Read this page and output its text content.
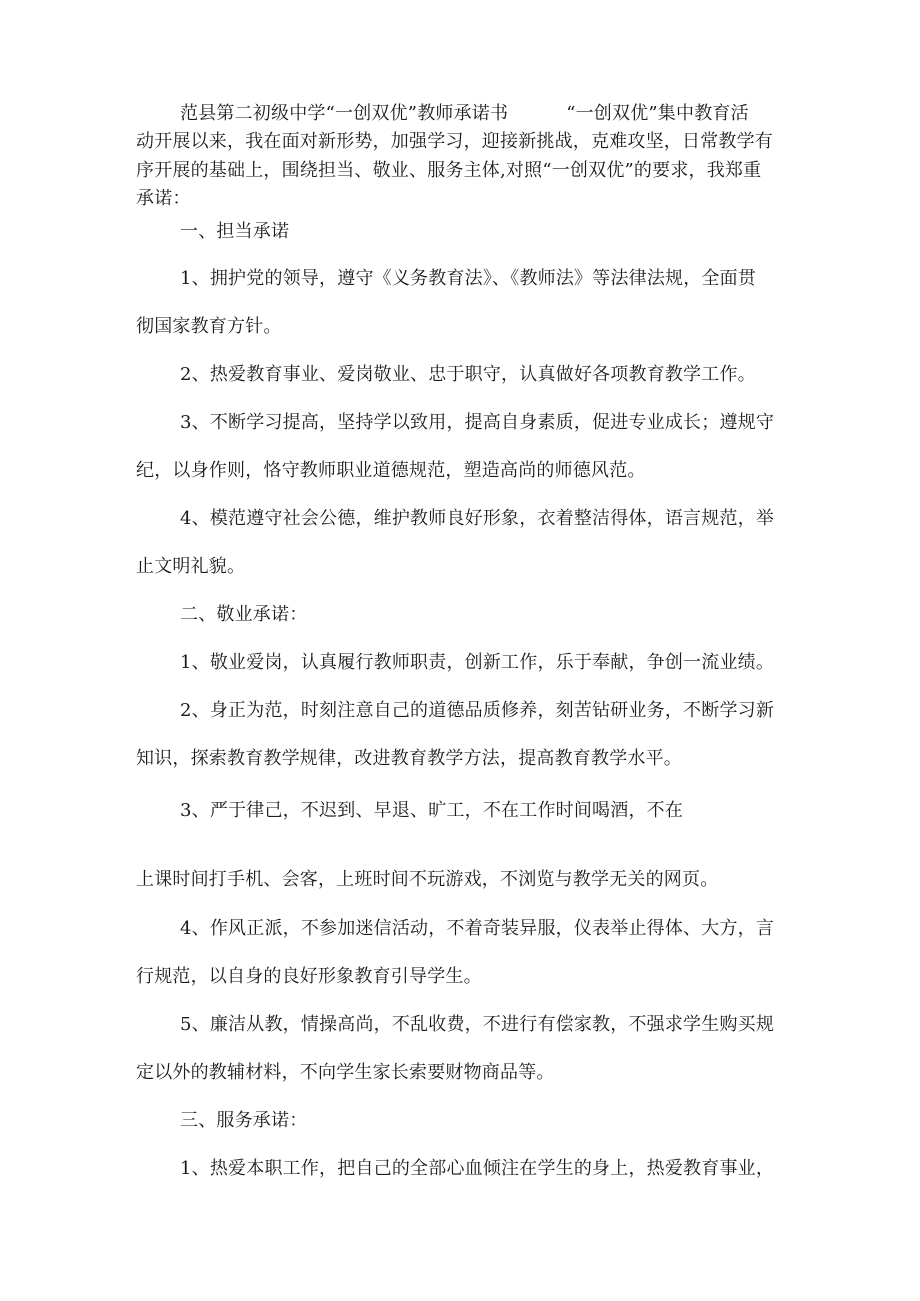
范县第二初级中学“一创双优”教师承诺书	“一创双优”集中教育活

动开展以来，我在面对新形势，加强学习，迎接新挑战，克难攻坚，日常教学有

序开展的基础上，围绕担当、敬业、服务主体,对照“一创双优”的要求，我郑重

承诺：

一、担当承诺

1、拥护党的领导，遵守《义务教育法》、《教师法》等法律法规，全面贯

彻国家教育方针。

2、热爱教育事业、爱岗敬业、忠于职守，认真做好各项教育教学工作。

3、不断学习提高，坚持学以致用，提高自身素质，促进专业成长；遵规守

纪，以身作则，恪守教师职业道德规范，塑造高尚的师德风范。

4、模范遵守社会公德，维护教师良好形象，衣着整洁得体，语言规范，举

止文明礼貌。

二、敬业承诺：

1、敬业爱岗，认真履行教师职责，创新工作，乐于奉献，争创一流业绩。

2、身正为范，时刻注意自己的道德品质修养，刻苦钻研业务，不断学习新

知识，探索教育教学规律，改进教育教学方法，提高教育教学水平。

3、严于律己，不迟到、早退、旷工，不在工作时间喝酒，不在

上课时间打手机、会客，上班时间不玩游戏，不浏览与教学无关的网页。

4、作风正派，不参加迷信活动，不着奇装异服，仪表举止得体、大方，言

行规范，以自身的良好形象教育引导学生。

5、廉洁从教，情操高尚，不乱收费，不进行有偿家教，不强求学生购买规

定以外的教辅材料，不向学生家长索要财物商品等。

三、服务承诺：

1、热爱本职工作，把自己的全部心血倾注在学生的身上，热爱教育事业，
